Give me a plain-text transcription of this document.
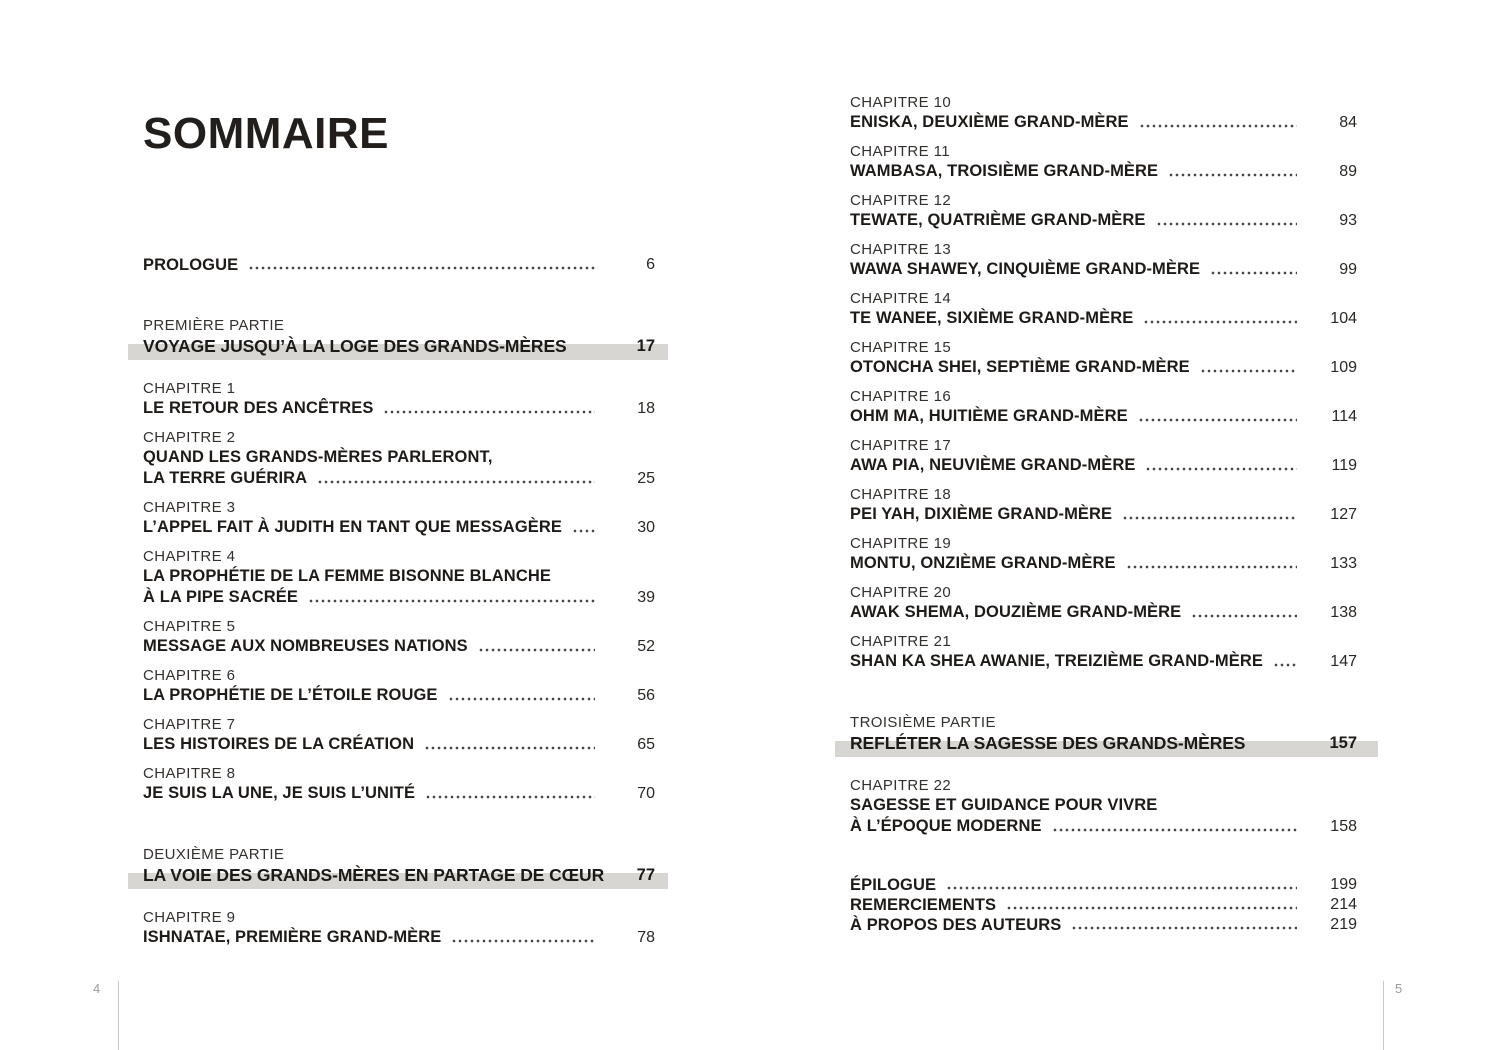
SOMMAIRE
PROLOGUE	6
PREMIÈRE PARTIE
VOYAGE JUSQU’À LA LOGE DES GRANDS-MÈRES	17
CHAPITRE 1
LE RETOUR DES ANCÊTRES	18
CHAPITRE 2
QUAND LES GRANDS-MÈRES PARLERONT,
LA TERRE GUÉRIRA	25
CHAPITRE 3
L’APPEL FAIT À JUDITH EN TANT QUE MESSAGÈRE	30
CHAPITRE 4
LA PROPHÉTIE DE LA FEMME BISONNE BLANCHE
À LA PIPE SACRÉE	39
CHAPITRE 5
MESSAGE AUX NOMBREUSES NATIONS	52
CHAPITRE 6
LA PROPHÉTIE DE L’ÉTOILE ROUGE	56
CHAPITRE 7
LES HISTOIRES DE LA CRÉATION	65
CHAPITRE 8
JE SUIS LA UNE, JE SUIS L’UNITÉ	70
DEUXIÈME PARTIE
LA VOIE DES GRANDS-MÈRES EN PARTAGE DE CŒUR	77
CHAPITRE 9
ISHNATAE, PREMIÈRE GRAND-MÈRE	78
4
CHAPITRE 10
ENISKA, DEUXIÈME GRAND-MÈRE	84
CHAPITRE 11
WAMBASA, TROISIÈME GRAND-MÈRE	89
CHAPITRE 12
TEWATE, QUATRIÈME GRAND-MÈRE	93
CHAPITRE 13
WAWA SHAWEY, CINQUIÈME GRAND-MÈRE	99
CHAPITRE 14
TE WANEE, SIXIÈME GRAND-MÈRE	104
CHAPITRE 15
OTONCHA SHEI, SEPTIÈME GRAND-MÈRE	109
CHAPITRE 16
OHM MA, HUITIÈME GRAND-MÈRE	114
CHAPITRE 17
AWA PIA, NEUVIÈME GRAND-MÈRE	119
CHAPITRE 18
PEI YAH, DIXIÈME GRAND-MÈRE	127
CHAPITRE 19
MONTU, ONZIÈME GRAND-MÈRE	133
CHAPITRE 20
AWAK SHEMA, DOUZIÈME GRAND-MÈRE	138
CHAPITRE 21
SHAN KA SHEA AWANIE, TREIZIÈME GRAND-MÈRE	147
TROISIÈME PARTIE
REFLÉTER LA SAGESSE DES GRANDS-MÈRES	157
CHAPITRE 22
SAGESSE ET GUIDANCE POUR VIVRE
À L’ÉPOQUE MODERNE	158
ÉPILOGUE	199
REMERCIEMENTS	214
À PROPOS DES AUTEURS	219
5
